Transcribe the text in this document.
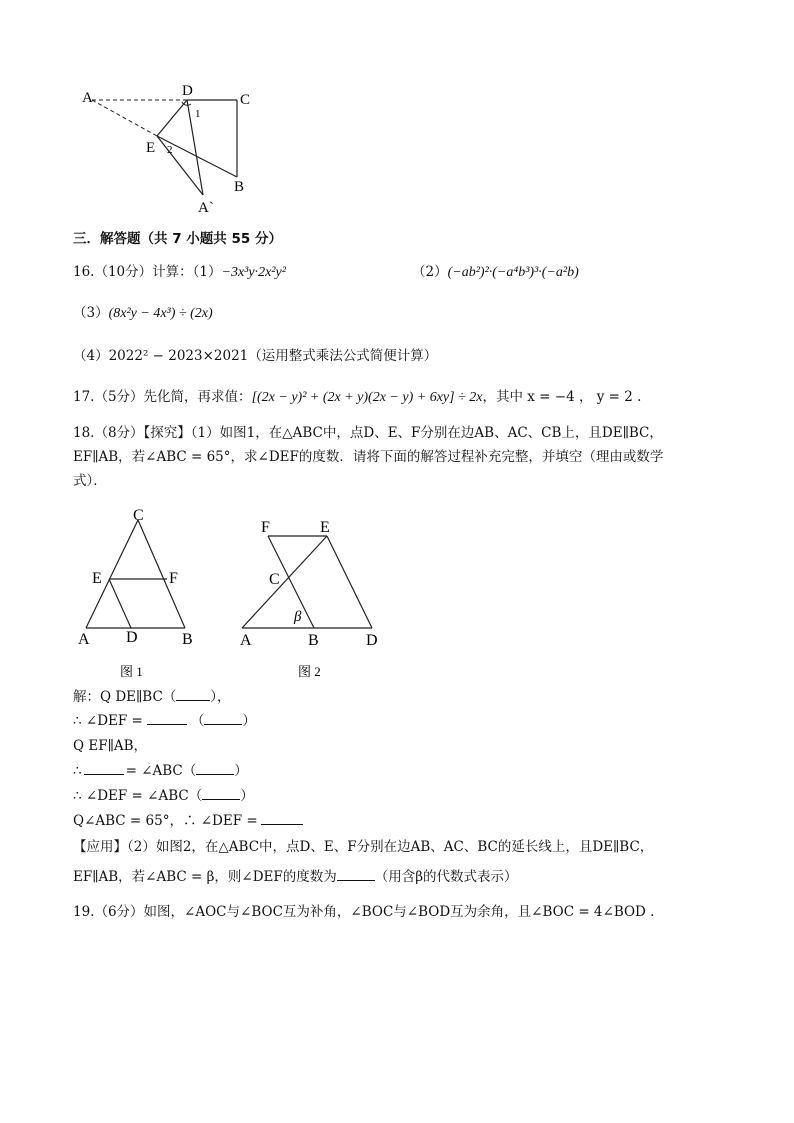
A	D
C
E
B
A`
1
2
三．解答题（共 7 小题共 55 分）
16.（10分）计算：（1）−3x³y·2x²y²	（2）(−ab²)²·(−a⁴b³)³·(−a²b)
（3）(8x²y − 4x³) ÷ (2x)
（4）2022² − 2023×2021（运用整式乘法公式简便计算）
17.（5分）先化简，再求值：[(2x − y)² + (2x + y)(2x − y) + 6xy] ÷ 2x，其中 x = −4 ， y = 2 .
18.（8分）【探究】（1）如图1，在△ABC中，点D、E、F分别在边AB、AC、CB上，且DE∥BC，
EF∥AB，若∠ABC = 65°，求∠DEF的度数．请将下面的解答过程补充完整，并填空（理由或数学
式）．
C
E	F
A D	B
图 1
F	E
C
β
A	B	D
图 2
解：Q DE∥BC（	），
∴ ∠DEF =	（	）
Q EF∥AB，
∴	= ∠ABC（	）
∴ ∠DEF = ∠ABC（	）
Q∠ABC = 65°，∴ ∠DEF =
【应用】（2）如图2，在△ABC中，点D、E、F分别在边AB、AC、BC的延长线上，且DE∥BC，
EF∥AB，若∠ABC = β，则∠DEF的度数为	（用含β的代数式表示）
19.（6分）如图，∠AOC与∠BOC互为补角，∠BOC与∠BOD互为余角，且∠BOC = 4∠BOD .
